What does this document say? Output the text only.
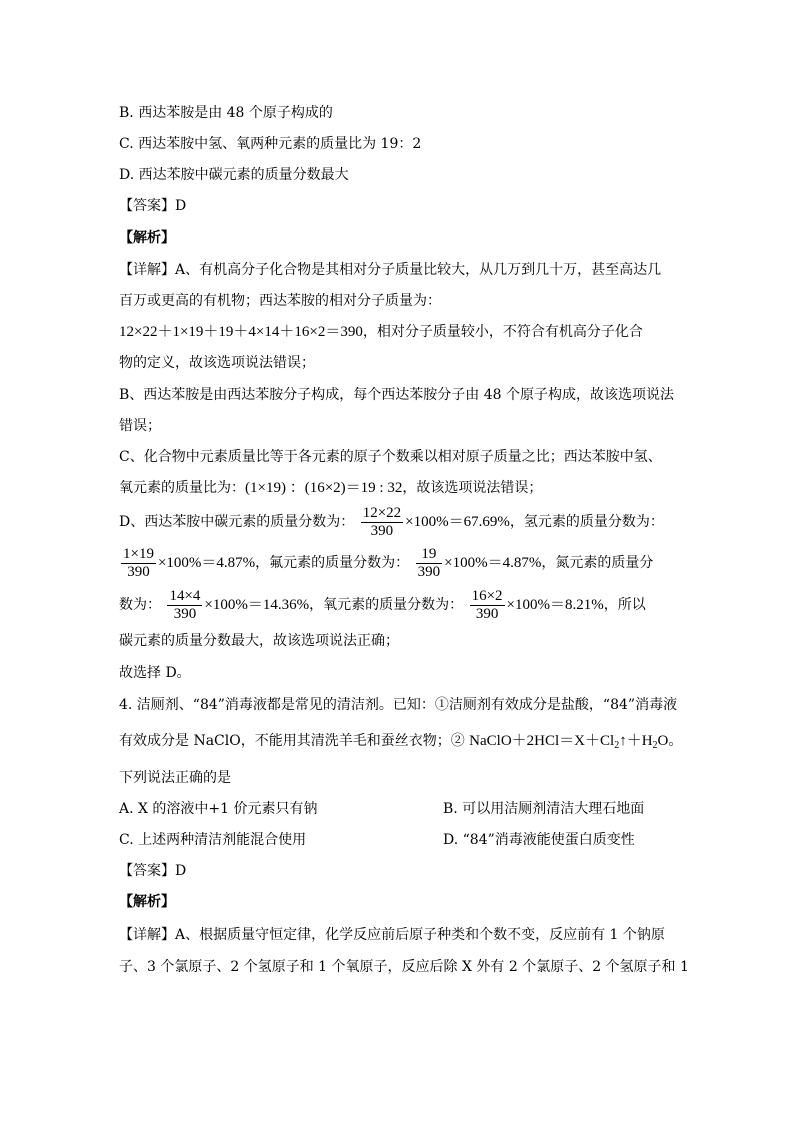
B. 西达苯胺是由 48 个原子构成的
C. 西达苯胺中氢、氧两种元素的质量比为 19：2
D. 西达苯胺中碳元素的质量分数最大
【答案】D
【解析】
【详解】A、有机高分子化合物是其相对分子质量比较大，从几万到几十万，甚至高达几
百万或更高的有机物；西达苯胺的相对分子质量为：
12×22＋1×19＋19＋4×14＋16×2＝390，相对分子质量较小，不符合有机高分子化合
物的定义，故该选项说法错误；
B、西达苯胺是由西达苯胺分子构成，每个西达苯胺分子由 48 个原子构成，故该选项说法
错误；
C、化合物中元素质量比等于各元素的原子个数乘以相对原子质量之比；西达苯胺中氢、
氧元素的质量比为：(1×19) ：(16×2)＝19 : 32，故该选项说法错误；
D、西达苯胺中碳元素的质量分数为： $\frac{12\times 22}{390} \times 100\%=67.69\%$，氢元素的质量分数为：
$\frac{1\times 19}{390} \times 100\%=4.87\%$，氟元素的质量分数为： $\frac{19}{390} \times 100\%=4.87\%$，氮元素的质量分
数为： $\frac{14\times 4}{390} \times 100\%=14.36\%$，氧元素的质量分数为： $\frac{16\times 2}{390} \times 100\%=8.21\%$，所以
碳元素的质量分数最大，故该选项说法正确；
故选择 D。
4. 洁厕剂、“84”消毒液都是常见的清洁剂。已知：①洁厕剂有效成分是盐酸，“84”消毒液
有效成分是 NaClO，不能用其清洗羊毛和蚕丝衣物；② $NaClO+2HCl=X+Cl_2↑+H_2O$。
下列说法正确的是
A. X 的溶液中+1 价元素只有钠	B. 可以用洁厕剂清洁大理石地面
C. 上述两种清洁剂能混合使用	D. “84”消毒液能使蛋白质变性
【答案】D
【解析】
【详解】A、根据质量守恒定律，化学反应前后原子种类和个数不变，反应前有 1 个钠原
子、3 个氯原子、2 个氢原子和 1 个氧原子，反应后除 X 外有 2 个氯原子、2 个氢原子和 1
